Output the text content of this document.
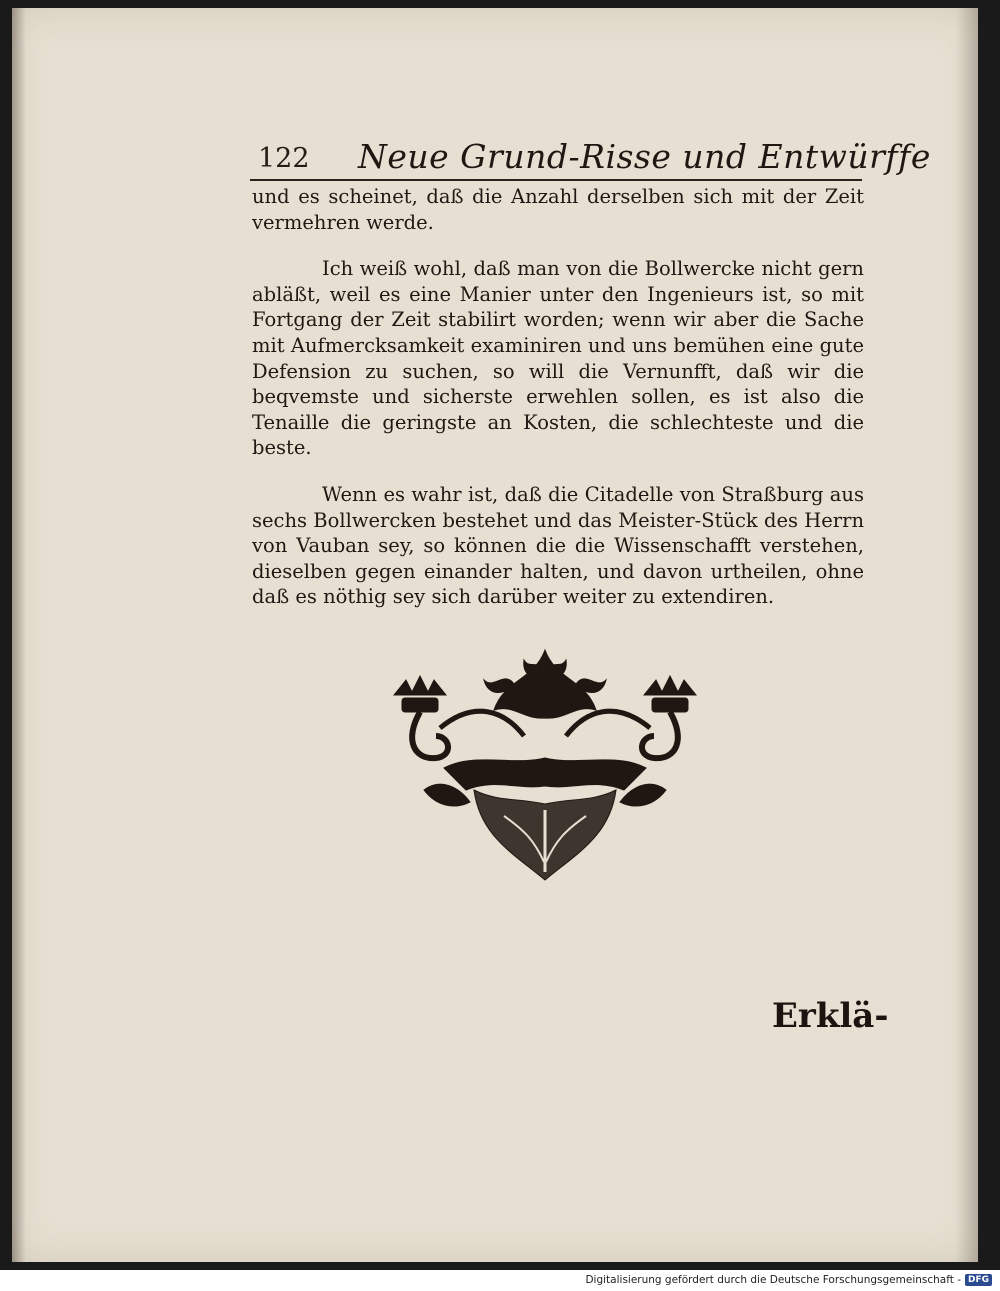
122 Neue Grund-Risse und Entwürffe

und es scheinet, daß die Anzahl derselben sich mit der Zeit vermehren werde.

Ich weiß wohl, daß man von die Bollwercke nicht gern abläßt, weil es eine Manier unter den Ingenieurs ist, so mit Fortgang der Zeit stabilirt worden; wenn wir aber die Sache mit Aufmercksamkeit examiniren und uns bemühen eine gute Defension zu suchen, so will die Vernunfft, daß wir die beqvemste und sicherste erwehlen sollen, es ist also die Tenaille die geringste an Kosten, die schlechteste und die beste.

Wenn es wahr ist, daß die Citadelle von Straßburg aus sechs Bollwercken bestehet und das Meister-Stück des Herrn von Vauban sey, so können die die Wissenschafft verstehen, dieselben gegen einander halten, und davon urtheilen, ohne daß es nöthig sey sich darüber weiter zu extendiren.

Erklä-
Digitalisierung gefördert durch die Deutsche Forschungsgemeinschaft - DFG
